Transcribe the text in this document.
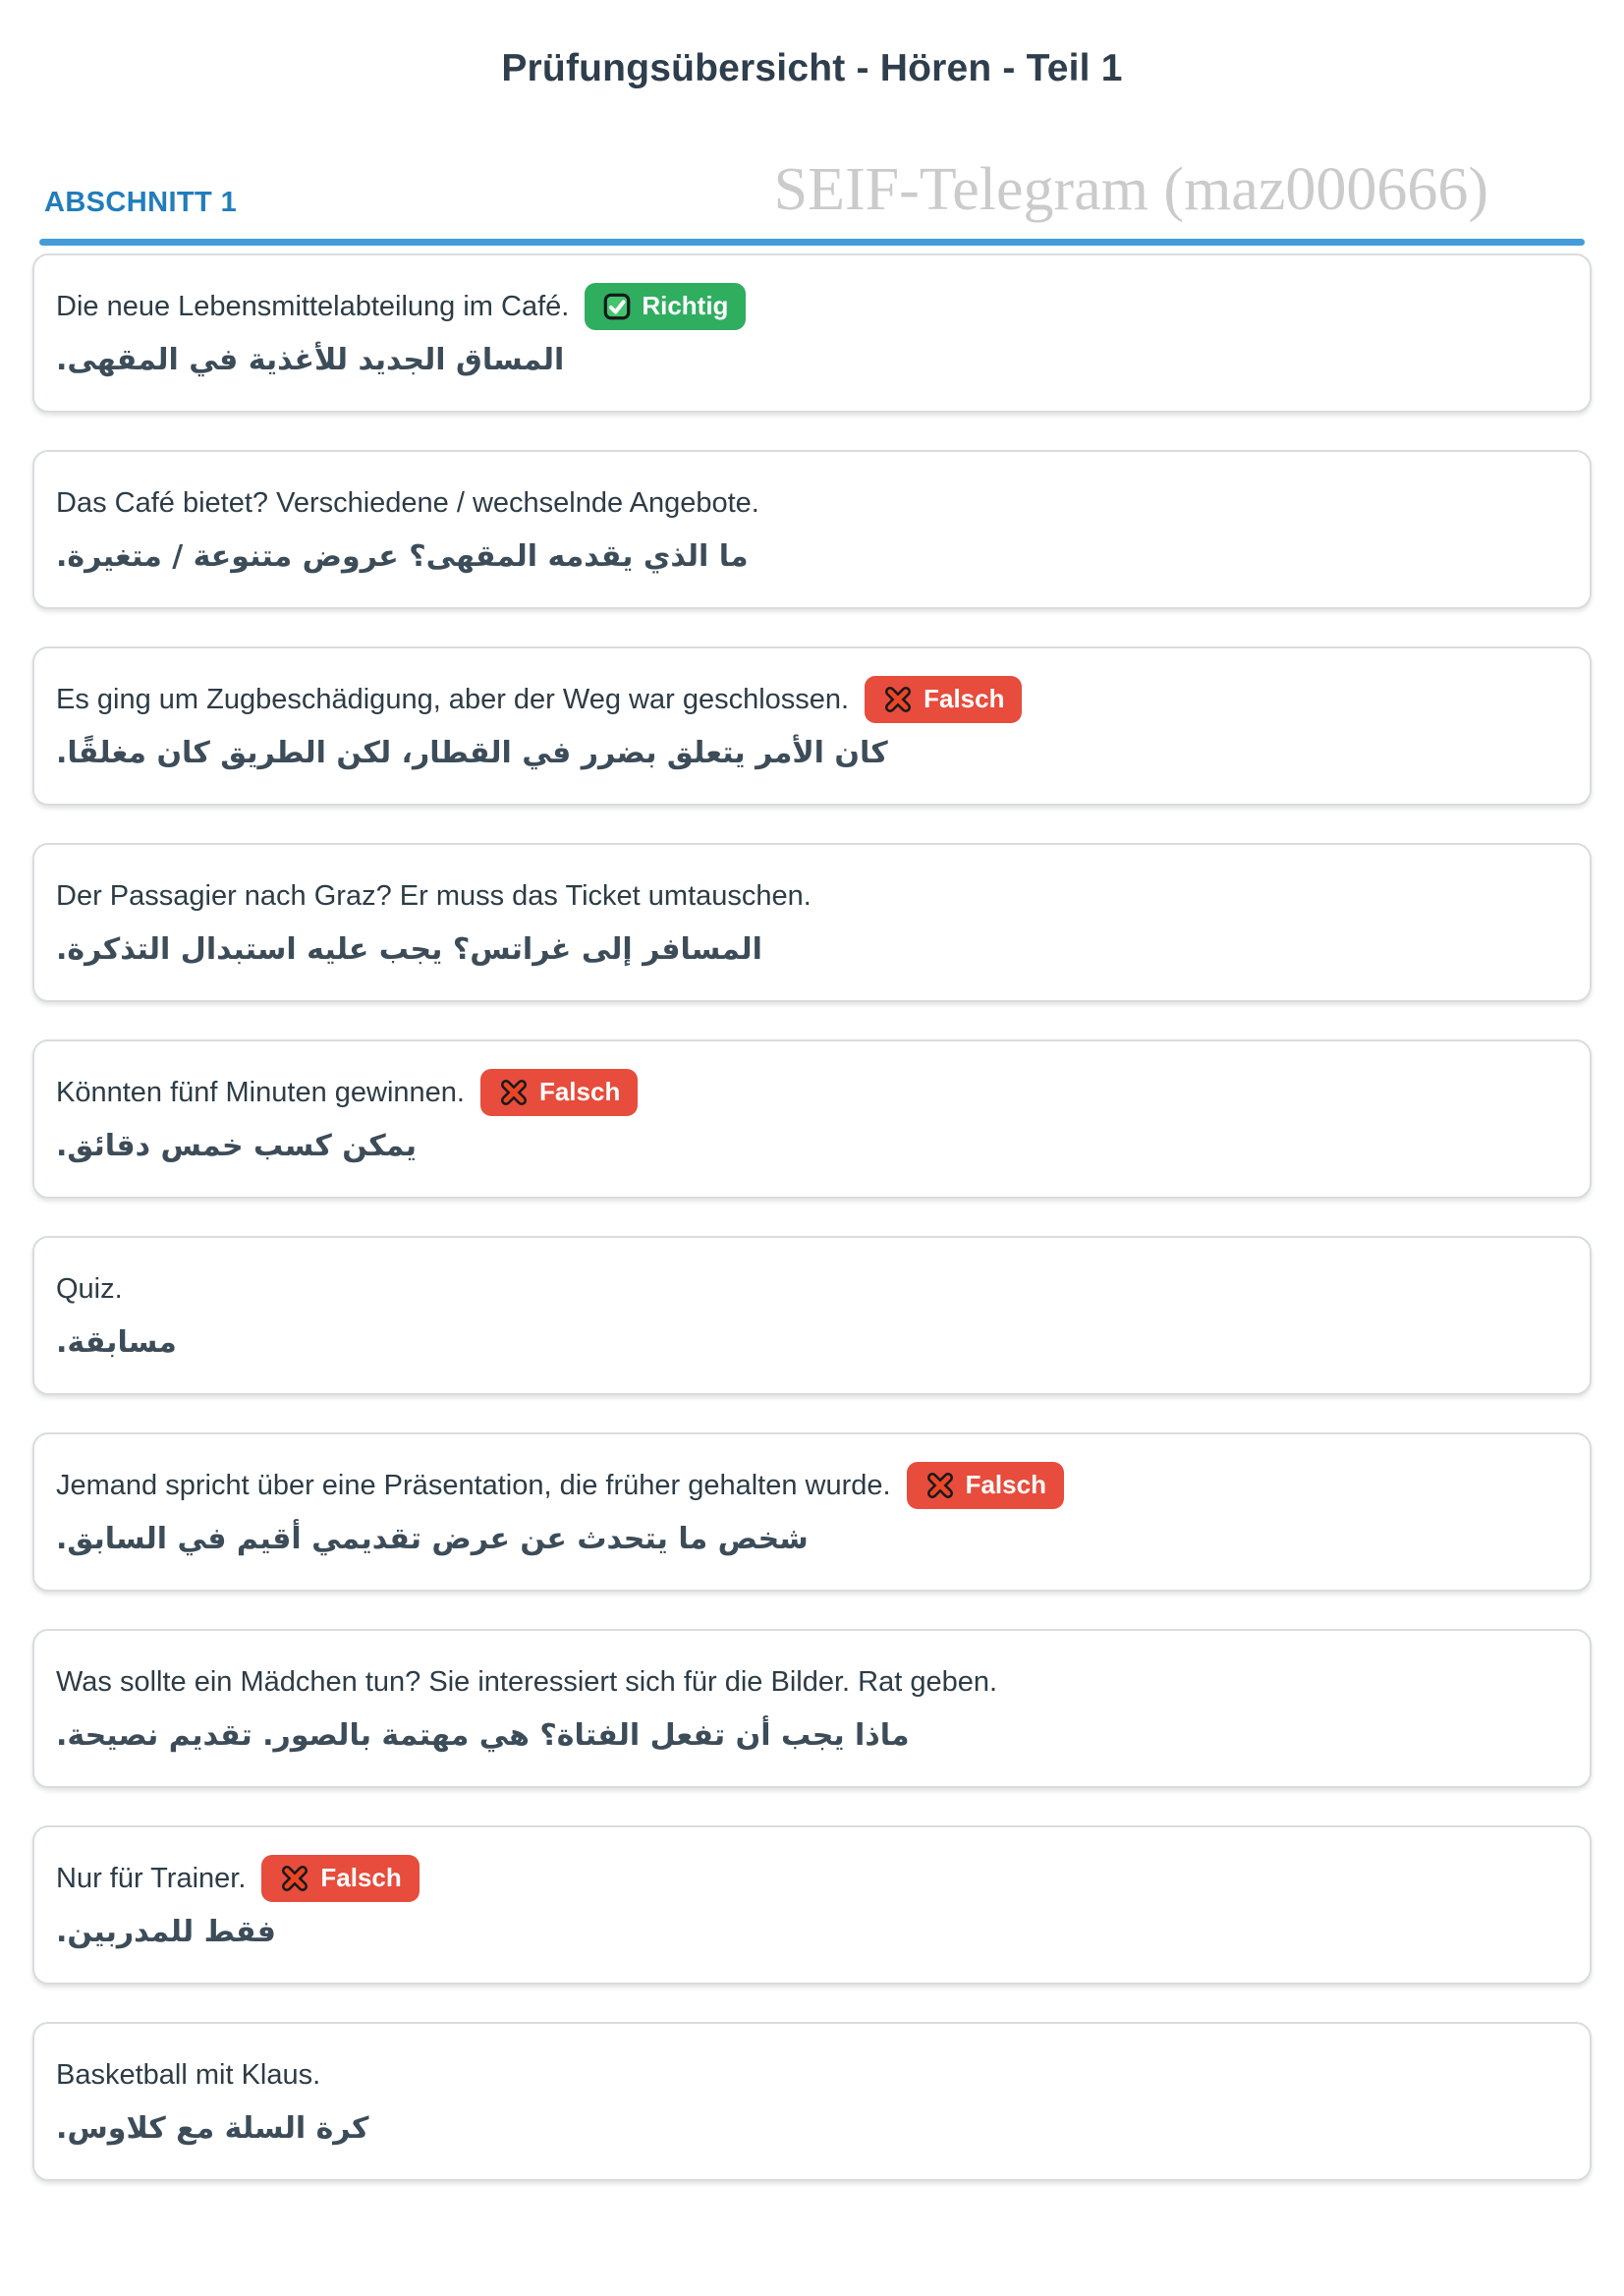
Prüfungsübersicht - Hören - Teil 1
ABSCHNITT 1	SEIF-Telegram (maz000666)
Die neue Lebensmittelabteilung im Café.	Richtig
المساق الجديد للأغذية في المقهى.
Das Café bietet? Verschiedene / wechselnde Angebote.
ما الذي يقدمه المقهى؟ عروض متنوعة / متغيرة.
Es ging um Zugbeschädigung, aber der Weg war geschlossen.	Falsch
كان الأمر يتعلق بضرر في القطار، لكن الطريق كان مغلقًا.
Der Passagier nach Graz? Er muss das Ticket umtauschen.
المسافر إلى غراتس؟ يجب عليه استبدال التذكرة.
Könnten fünf Minuten gewinnen.	Falsch
يمكن كسب خمس دقائق.
Quiz.
مسابقة.
Jemand spricht über eine Präsentation, die früher gehalten wurde.	Falsch
شخص ما يتحدث عن عرض تقديمي أقيم في السابق.
Was sollte ein Mädchen tun? Sie interessiert sich für die Bilder. Rat geben.
ماذا يجب أن تفعل الفتاة؟ هي مهتمة بالصور. تقديم نصيحة.
Nur für Trainer.	Falsch
فقط للمدربين.
Basketball mit Klaus.
كرة السلة مع كلاوس.
